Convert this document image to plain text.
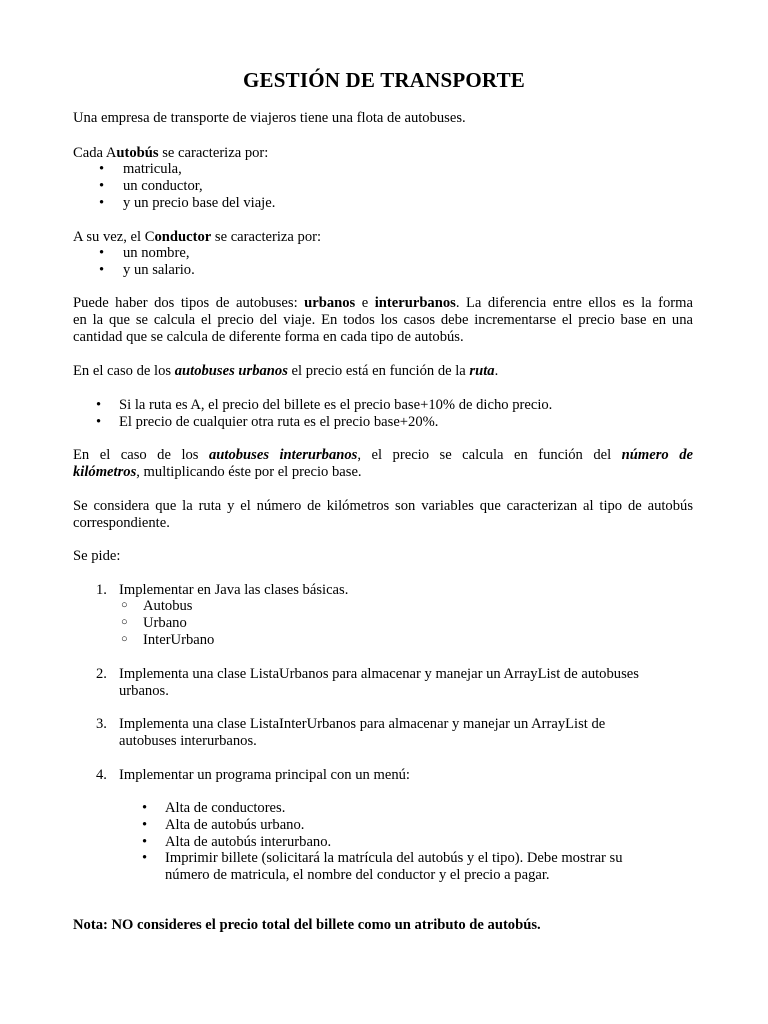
GESTIÓN DE TRANSPORTE
Una empresa de transporte de viajeros tiene una flota de autobuses.
Cada Autobús se caracteriza por:
• matricula,
• un conductor,
• y un precio base del viaje.
A su vez, el Conductor se caracteriza por:
• un nombre,
• y un salario.
Puede haber dos tipos de autobuses: urbanos e interurbanos. La diferencia entre ellos es la forma
en la que se calcula el precio del viaje. En todos los casos debe incrementarse el precio base en una
cantidad que se calcula de diferente forma en cada tipo de autobús.
En el caso de los autobuses urbanos el precio está en función de la ruta.
• Si la ruta es A, el precio del billete es el precio base+10% de dicho precio.
• El precio de cualquier otra ruta es el precio base+20%.
En el caso de los autobuses interurbanos, el precio se calcula en función del número de
kilómetros, multiplicando éste por el precio base.
Se considera que la ruta y el número de kilómetros son variables que caracterizan al tipo de autobús
correspondiente.
Se pide:
1. Implementar en Java las clases básicas.
○ Autobus
○ Urbano
○ InterUrbano
2. Implementa una clase ListaUrbanos para almacenar y manejar un ArrayList de autobuses
urbanos.
3. Implementa una clase ListaInterUrbanos para almacenar y manejar un ArrayList de
autobuses interurbanos.
4. Implementar un programa principal con un menú:
• Alta de conductores.
• Alta de autobús urbano.
• Alta de autobús interurbano.
• Imprimir billete (solicitará la matrícula del autobús y el tipo). Debe mostrar su
número de matricula, el nombre del conductor y el precio a pagar.
Nota: NO consideres el precio total del billete como un atributo de autobús.
